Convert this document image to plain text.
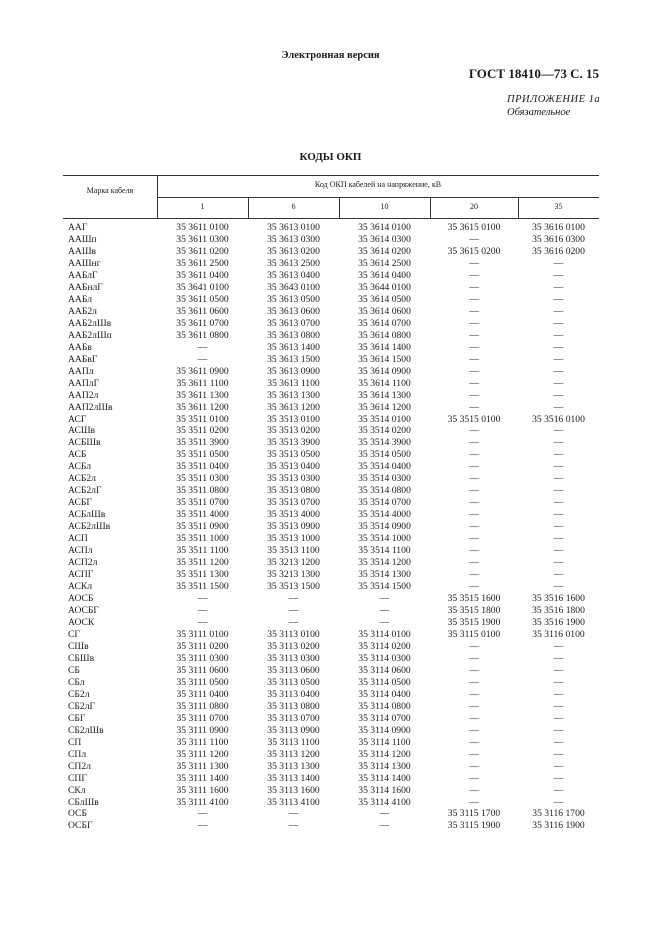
Электронная версия
ГОСТ 18410—73 С. 15
ПРИЛОЖЕНИЕ 1а
Обязательное
КОДЫ ОКП
Марка кабеля
Код ОКП кабелей на напряжение, кВ
1	6	10	20	35
ААГ	35 3611 0100	35 3613 0100	35 3614 0100	35 3615 0100	35 3616 0100
ААШп	35 3611 0300	35 3613 0300	35 3614 0300	—	35 3616 0300
ААШв	35 3611 0200	35 3613 0200	35 3614 0200	35 3615 0200	35 3616 0200
ААШнг	35 3611 2500	35 3613 2500	35 3614 2500	—	—
ААБлГ	35 3611 0400	35 3613 0400	35 3614 0400	—	—
ААБнлГ	35 3641 0100	35 3643 0100	35 3644 0100	—	—
ААБл	35 3611 0500	35 3613 0500	35 3614 0500	—	—
ААБ2л	35 3611 0600	35 3613 0600	35 3614 0600	—	—
ААБ2лШв	35 3611 0700	35 3613 0700	35 3614 0700	—	—
ААБ2лШп	35 3611 0800	35 3613 0800	35 3614 0800	—	—
ААБв	—	35 3613 1400	35 3614 1400	—	—
ААБвГ	—	35 3613 1500	35 3614 1500	—	—
ААПл	35 3611 0900	35 3613 0900	35 3614 0900	—	—
ААПлГ	35 3611 1100	35 3613 1100	35 3614 1100	—	—
ААП2л	35 3611 1300	35 3613 1300	35 3614 1300	—	—
ААП2лШв	35 3611 1200	35 3613 1200	35 3614 1200	—	—
АСГ	35 3511 0100	35 3513 0100	35 3514 0100	35 3515 0100	35 3516 0100
АСШв	35 3511 0200	35 3513 0200	35 3514 0200	—	—
АСБШв	35 3511 3900	35 3513 3900	35 3514 3900	—	—
АСБ	35 3511 0500	35 3513 0500	35 3514 0500	—	—
АСБл	35 3511 0400	35 3513 0400	35 3514 0400	—	—
АСБ2л	35 3511 0300	35 3513 0300	35 3514 0300	—	—
АСБ2лГ	35 3511 0800	35 3513 0800	35 3514 0800	—	—
АСБГ	35 3511 0700	35 3513 0700	35 3514 0700	—	—
АСБлШв	35 3511 4000	35 3513 4000	35 3514 4000	—	—
АСБ2лШв	35 3511 0900	35 3513 0900	35 3514 0900	—	—
АСП	35 3511 1000	35 3513 1000	35 3514 1000	—	—
АСПл	35 3511 1100	35 3513 1100	35 3514 1100	—	—
АСП2л	35 3511 1200	35 3213 1200	35 3514 1200	—	—
АСПГ	35 3511 1300	35 3213 1300	35 3514 1300	—	—
АСКл	35 3511 1500	35 3513 1500	35 3514 1500	—	—
АОСБ	—	—	—	35 3515 1600	35 3516 1600
АОСБГ	—	—	—	35 3515 1800	35 3516 1800
АОСК	—	—	—	35 3515 1900	35 3516 1900
СГ	35 3111 0100	35 3113 0100	35 3114 0100	35 3115 0100	35 3116 0100
СШв	35 3111 0200	35 3113 0200	35 3114 0200	—	—
СБШв	35 3111 0300	35 3113 0300	35 3114 0300	—	—
СБ	35 3111 0600	35 3113 0600	35 3114 0600	—	—
СБл	35 3111 0500	35 3113 0500	35 3114 0500	—	—
СБ2л	35 3111 0400	35 3113 0400	35 3114 0400	—	—
СБ2лГ	35 3111 0800	35 3113 0800	35 3114 0800	—	—
СБГ	35 3111 0700	35 3113 0700	35 3114 0700	—	—
СБ2лШв	35 3111 0900	35 3113 0900	35 3114 0900	—	—
СП	35 3111 1100	35 3113 1100	35 3114 1100	—	—
СПл	35 3111 1200	35 3113 1200	35 3114 1200	—	—
СП2л	35 3111 1300	35 3113 1300	35 3114 1300	—	—
СПГ	35 3111 1400	35 3113 1400	35 3114 1400	—	—
СКл	35 3111 1600	35 3113 1600	35 3114 1600	—	—
СБлШв	35 3111 4100	35 3113 4100	35 3114 4100	—	—
ОСБ	—	—	—	35 3115 1700	35 3116 1700
ОСБГ	—	—	—	35 3115 1900	35 3116 1900
